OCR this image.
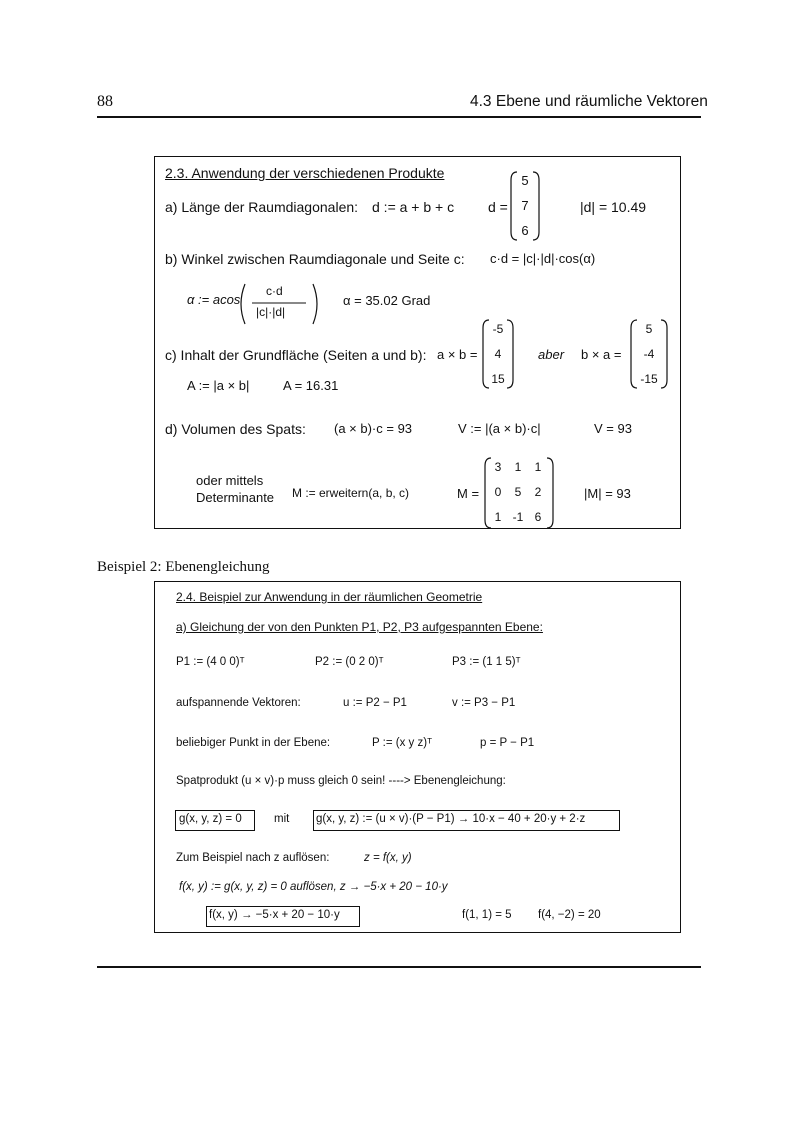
88	4.3 Ebene und räumliche Vektoren
2.3. Anwendung der verschiedenen Produkte
a) Länge der Raumdiagonalen: d := a + b + c d =
5
7
6
|d| = 10.49
b) Winkel zwischen Raumdiagonale und Seite c: c·d = |c|·|d|·cos(α)
α := acos
c·d
|c|·|d|
α = 35.02 Grad
c) Inhalt der Grundfläche (Seiten a und b): a × b =
-5
4
15
aber b × a =
5
-4
-15
A := |a × b|	A = 16.31
d) Volumen des Spats: (a × b)·c = 93	V := |(a × b)·c|	V = 93
oder mittels
Determinante M := erweitern(a, b, c)	M =
3	1	1
0	5	2
1 -1 6
|M| = 93
Beispiel 2: Ebenengleichung
2.4. Beispiel zur Anwendung in der räumlichen Geometrie
a) Gleichung der von den Punkten P1, P2, P3 aufgespannten Ebene:
P1 := (4 0 0)ᵀ	P2 := (0 2 0)ᵀ	P3 := (1 1 5)ᵀ
aufspannende Vektoren:	u := P2 − P1	v := P3 − P1
beliebiger Punkt in der Ebene:	P := (x y z)ᵀ	p = P − P1
Spatprodukt (u × v)·p muss gleich 0 sein! ----> Ebenengleichung:
g(x, y, z) = 0	mit g(x, y, z) := (u × v)·(P − P1) → 10·x − 40 + 20·y + 2·z
Zum Beispiel nach z auflösen:	z = f(x, y)
f(x, y) := g(x, y, z) = 0 auflösen, z → −5·x + 20 − 10·y
f(x, y) → −5·x + 20 − 10·y	f(1, 1) = 5 f(4, −2) = 20
